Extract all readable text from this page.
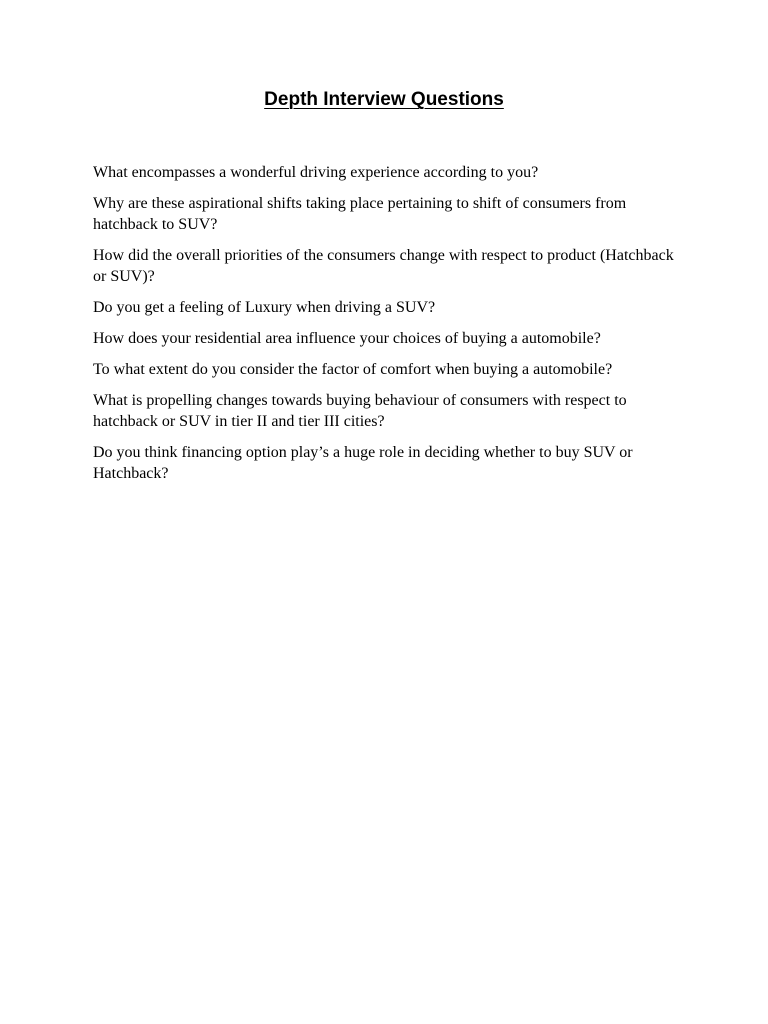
Depth Interview Questions
What encompasses a wonderful driving experience according to you?
Why are these aspirational shifts taking place pertaining to shift of consumers from hatchback to SUV?
How did the overall priorities of the consumers change with respect to product (Hatchback or SUV)?
Do you get a feeling of Luxury when driving a SUV?
How does your residential area influence your choices of buying a automobile?
To what extent do you consider the factor of comfort when buying a automobile?
What is propelling changes towards buying behaviour of consumers with respect to hatchback or SUV in tier II and tier III cities?
Do you think financing option play’s a huge role in deciding whether to buy SUV or Hatchback?
